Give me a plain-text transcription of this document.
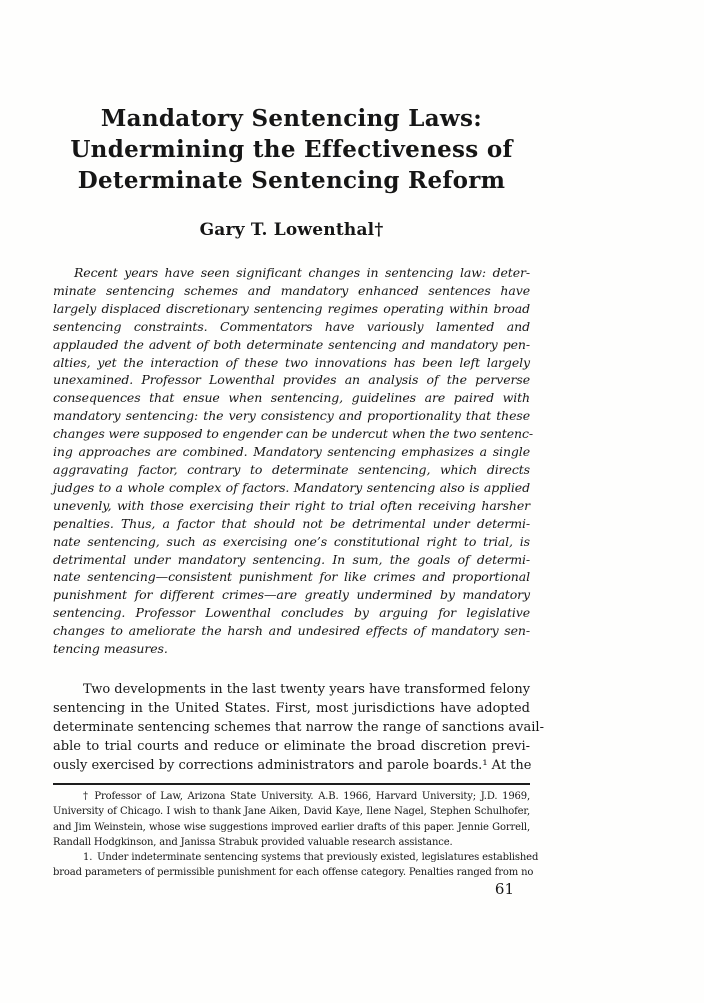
Mandatory Sentencing Laws:
Undermining the Effectiveness of
Determinate Sentencing Reform
Gary T. Lowenthal†
Recent years have seen significant changes in sentencing law: deter-
minate sentencing schemes and mandatory enhanced sentences have
largely displaced discretionary sentencing regimes operating within broad
sentencing constraints. Commentators have variously lamented and
applauded the advent of both determinate sentencing and mandatory pen-
alties, yet the interaction of these two innovations has been left largely
unexamined. Professor Lowenthal provides an analysis of the perverse
consequences that ensue when sentencing, guidelines are paired with
mandatory sentencing: the very consistency and proportionality that these
changes were supposed to engender can be undercut when the two sentenc-
ing approaches are combined. Mandatory sentencing emphasizes a single
aggravating factor, contrary to determinate sentencing, which directs
judges to a whole complex of factors. Mandatory sentencing also is applied
unevenly, with those exercising their right to trial often receiving harsher
penalties. Thus, a factor that should not be detrimental under determi-
nate sentencing, such as exercising one’s constitutional right to trial, is
detrimental under mandatory sentencing. In sum, the goals of determi-
nate sentencing—consistent punishment for like crimes and proportional
punishment for different crimes—are greatly undermined by mandatory
sentencing. Professor Lowenthal concludes by arguing for legislative
changes to ameliorate the harsh and undesired effects of mandatory sen-
tencing measures.
Two developments in the last twenty years have transformed felony
sentencing in the United States. First, most jurisdictions have adopted
determinate sentencing schemes that narrow the range of sanctions avail-
able to trial courts and reduce or eliminate the broad discretion previ-
ously exercised by corrections administrators and parole boards.¹ At the
† Professor of Law, Arizona State University. A.B. 1966, Harvard University; J.D. 1969,
University of Chicago. I wish to thank Jane Aiken, David Kaye, Ilene Nagel, Stephen Schulhofer,
and Jim Weinstein, whose wise suggestions improved earlier drafts of this paper. Jennie Gorrell,
Randall Hodgkinson, and Janissa Strabuk provided valuable research assistance.
1. Under indeterminate sentencing systems that previously existed, legislatures established
broad parameters of permissible punishment for each offense category. Penalties ranged from no
61
